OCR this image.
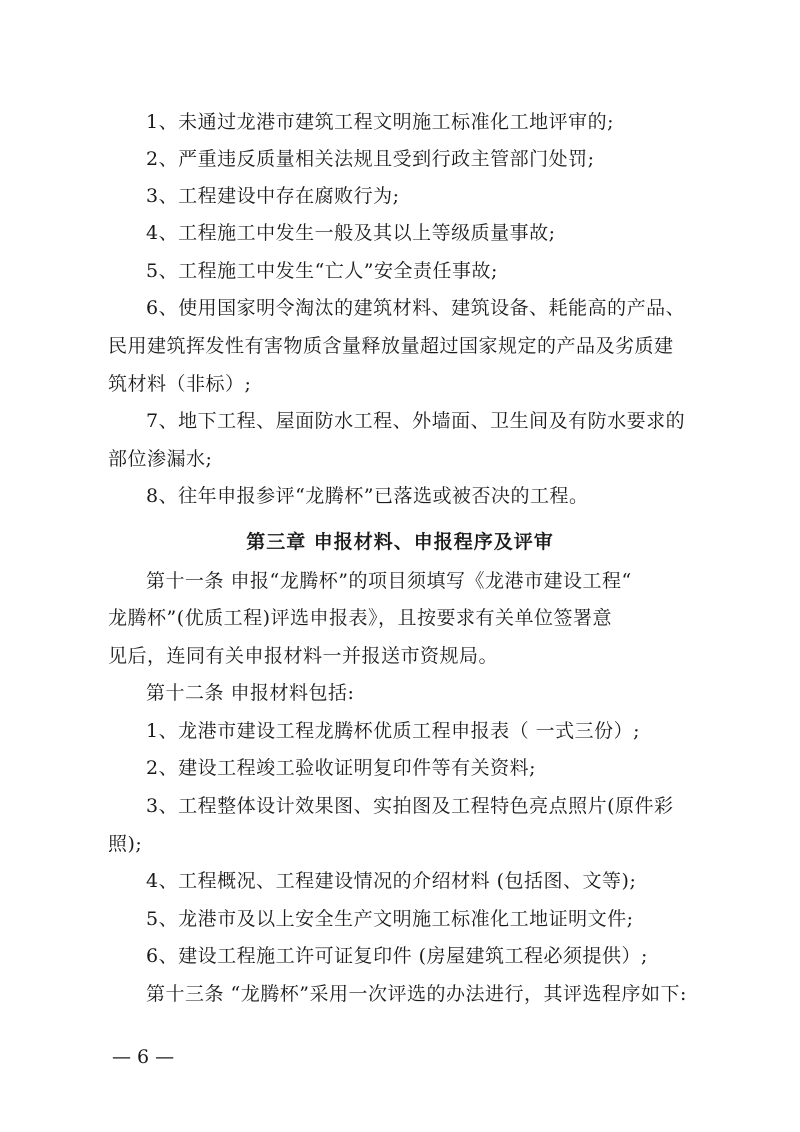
1、未通过龙港市建筑工程文明施工标准化工地评审的;
2、严重违反质量相关法规且受到行政主管部门处罚;
3、工程建设中存在腐败行为;
4、工程施工中发生一般及其以上等级质量事故;
5、工程施工中发生“亡人”安全责任事故;
6、使用国家明令淘汰的建筑材料、建筑设备、耗能高的产品、
民用建筑挥发性有害物质含量释放量超过国家规定的产品及劣质建
筑材料（非标）;
7、地下工程、屋面防水工程、外墙面、卫生间及有防水要求的
部位渗漏水;
8、往年申报参评“龙腾杯”已落选或被否决的工程。
第三章 申报材料、申报程序及评审
第十一条 申报“龙腾杯”的项目须填写《龙港市建设工程“
龙腾杯”(优质工程)评选申报表》，且按要求有关单位签署意
见后，连同有关申报材料一并报送市资规局。
第十二条 申报材料包括:
1、龙港市建设工程龙腾杯优质工程申报表（ 一式三份）;
2、建设工程竣工验收证明复印件等有关资料;
3、工程整体设计效果图、实拍图及工程特色亮点照片(原件彩
照);
4、工程概况、工程建设情况的介绍材料 (包括图、文等);
5、龙港市及以上安全生产文明施工标准化工地证明文件;
6、建设工程施工许可证复印件 (房屋建筑工程必须提供）;
第十三条 “龙腾杯”采用一次评选的办法进行，其评选程序如下:
— 6 —
